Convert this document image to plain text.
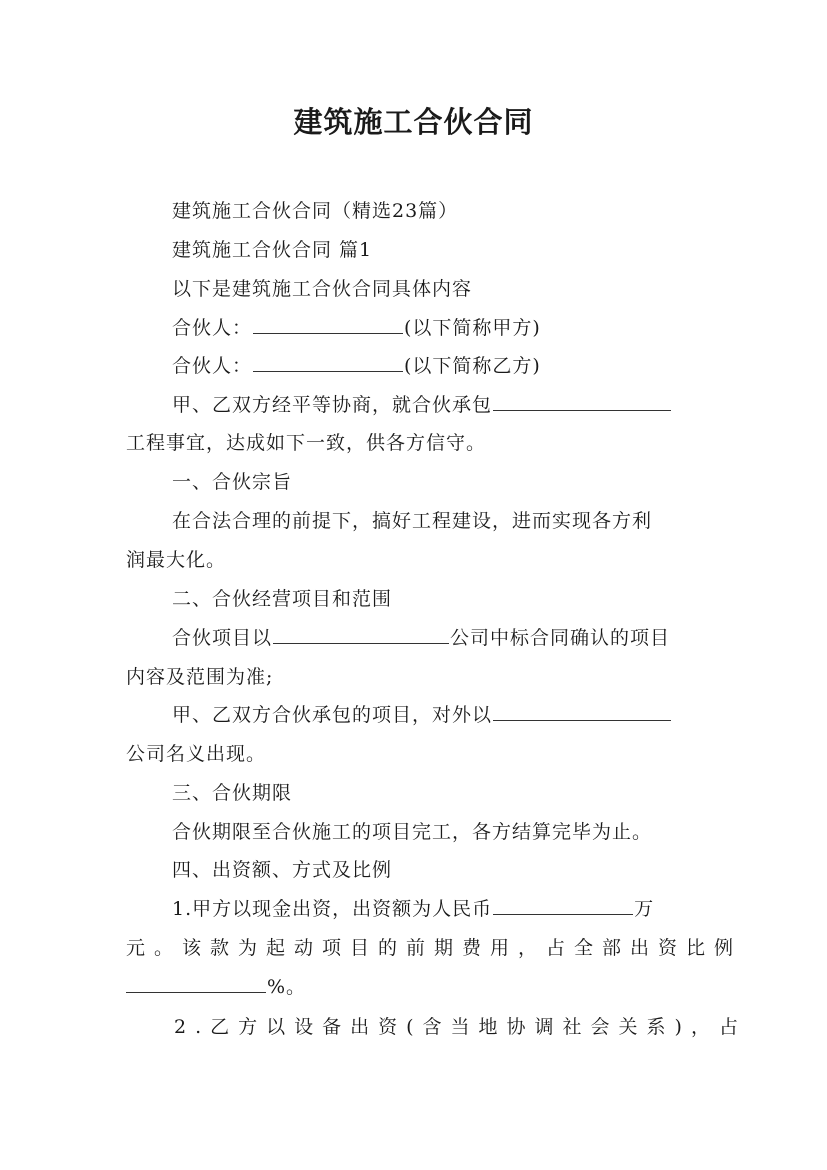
建筑施工合伙合同
建筑施工合伙合同（精选23篇）
建筑施工合伙合同 篇1
以下是建筑施工合伙合同具体内容
合伙人：	(以下简称甲方)
合伙人：	(以下简称乙方)
甲、乙双方经平等协商，就合伙承包
工程事宜，达成如下一致，供各方信守。
一、合伙宗旨
在合法合理的前提下，搞好工程建设，进而实现各方利
润最大化。
二、合伙经营项目和范围
合伙项目以	公司中标合同确认的项目
内容及范围为准;
甲、乙双方合伙承包的项目，对外以
公司名义出现。
三、合伙期限
合伙期限至合伙施工的项目完工，各方结算完毕为止。
四、出资额、方式及比例
1.甲方以现金出资，出资额为人民币	万
元。该款为起动项目的前期费用，占全部出资比例
%。
2.乙方以设备出资(含当地协调社会关系)，占
